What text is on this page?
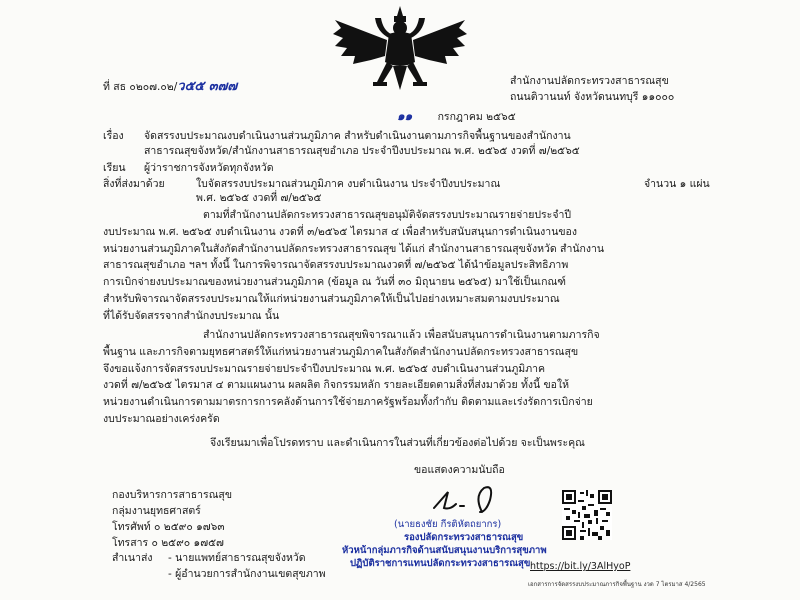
ที่ สธ ๐๒๐๗.๐๒/ว๕๕ ๓๗๗	สำนักงานปลัดกระทรวงสาธารณสุข
ถนนติวานนท์ จังหวัดนนทบุรี ๑๑๐๐๐
๑๑ กรกฎาคม ๒๕๖๕
เรื่อง จัดสรรงบประมาณงบดำเนินงานส่วนภูมิภาค สำหรับดำเนินงานตามภารกิจพื้นฐานของสำนักงาน
สาธารณสุขจังหวัด/สำนักงานสาธารณสุขอำเภอ ประจำปีงบประมาณ พ.ศ. ๒๕๖๕ งวดที่ ๗/๒๕๖๕
เรียน ผู้ว่าราชการจังหวัดทุกจังหวัด
สิ่งที่ส่งมาด้วย	ใบจัดสรรงบประมาณส่วนภูมิภาค งบดำเนินงาน ประจำปีงบประมาณ
พ.ศ. ๒๕๖๕ งวดที่ ๗/๒๕๖๕
จำนวน ๑ แผ่น
ตามที่สำนักงานปลัดกระทรวงสาธารณสุขอนุมัติจัดสรรงบประมาณรายจ่ายประจำปี
งบประมาณ พ.ศ. ๒๕๖๕ งบดำเนินงาน งวดที่ ๓/๒๕๖๕ ไตรมาส ๔ เพื่อสำหรับสนับสนุนการดำเนินงานของ
หน่วยงานส่วนภูมิภาคในสังกัดสำนักงานปลัดกระทรวงสาธารณสุข ได้แก่ สำนักงานสาธารณสุขจังหวัด สำนักงาน
สาธารณสุขอำเภอ ฯลฯ ทั้งนี้ ในการพิจารณาจัดสรรงบประมาณงวดที่ ๗/๒๕๖๕ ได้นำข้อมูลประสิทธิภาพ
การเบิกจ่ายงบประมาณของหน่วยงานส่วนภูมิภาค (ข้อมูล ณ วันที่ ๓๐ มิถุนายน ๒๕๖๕) มาใช้เป็นเกณฑ์
สำหรับพิจารณาจัดสรรงบประมาณให้แก่หน่วยงานส่วนภูมิภาคให้เป็นไปอย่างเหมาะสมตามงบประมาณ
ที่ได้รับจัดสรรจากสำนักงบประมาณ นั้น
สำนักงานปลัดกระทรวงสาธารณสุขพิจารณาแล้ว เพื่อสนับสนุนการดำเนินงานตามภารกิจ
พื้นฐาน และภารกิจตามยุทธศาสตร์ให้แก่หน่วยงานส่วนภูมิภาคในสังกัดสำนักงานปลัดกระทรวงสาธารณสุข
จึงขอแจ้งการจัดสรรงบประมาณรายจ่ายประจำปีงบประมาณ พ.ศ. ๒๕๖๕ งบดำเนินงานส่วนภูมิภาค
งวดที่ ๗/๒๕๖๕ ไตรมาส ๔ ตามแผนงาน ผลผลิต กิจกรรมหลัก รายละเอียดตามสิ่งที่ส่งมาด้วย ทั้งนี้ ขอให้
หน่วยงานดำเนินการตามมาตรการการคลังด้านการใช้จ่ายภาครัฐพร้อมทั้งกำกับ ติดตามและเร่งรัดการเบิกจ่าย
งบประมาณอย่างเคร่งครัด
จึงเรียนมาเพื่อโปรดทราบ และดำเนินการในส่วนที่เกี่ยวข้องต่อไปด้วย จะเป็นพระคุณ
ขอแสดงความนับถือ
(นายธงชัย กีรติหัตถยากร)
รองปลัดกระทรวงสาธารณสุข
หัวหน้ากลุ่มภารกิจด้านสนับสนุนงานบริการสุขภาพ
ปฏิบัติราชการแทนปลัดกระทรวงสาธารณสุข
กองบริหารการสาธารณสุข
กลุ่มงานยุทธศาสตร์
โทรศัพท์ ๐ ๒๕๙๐ ๑๗๖๓
โทรสาร ๐ ๒๕๙๐ ๑๗๕๗
สำเนาส่ง - นายแพทย์สาธารณสุขจังหวัด
- ผู้อำนวยการสำนักงานเขตสุขภาพ
https://bit.ly/3AlHyoP
เอกสารการจัดสรรงบประมาณภารกิจพื้นฐาน งวด 7 ไตรมาส 4/2565
